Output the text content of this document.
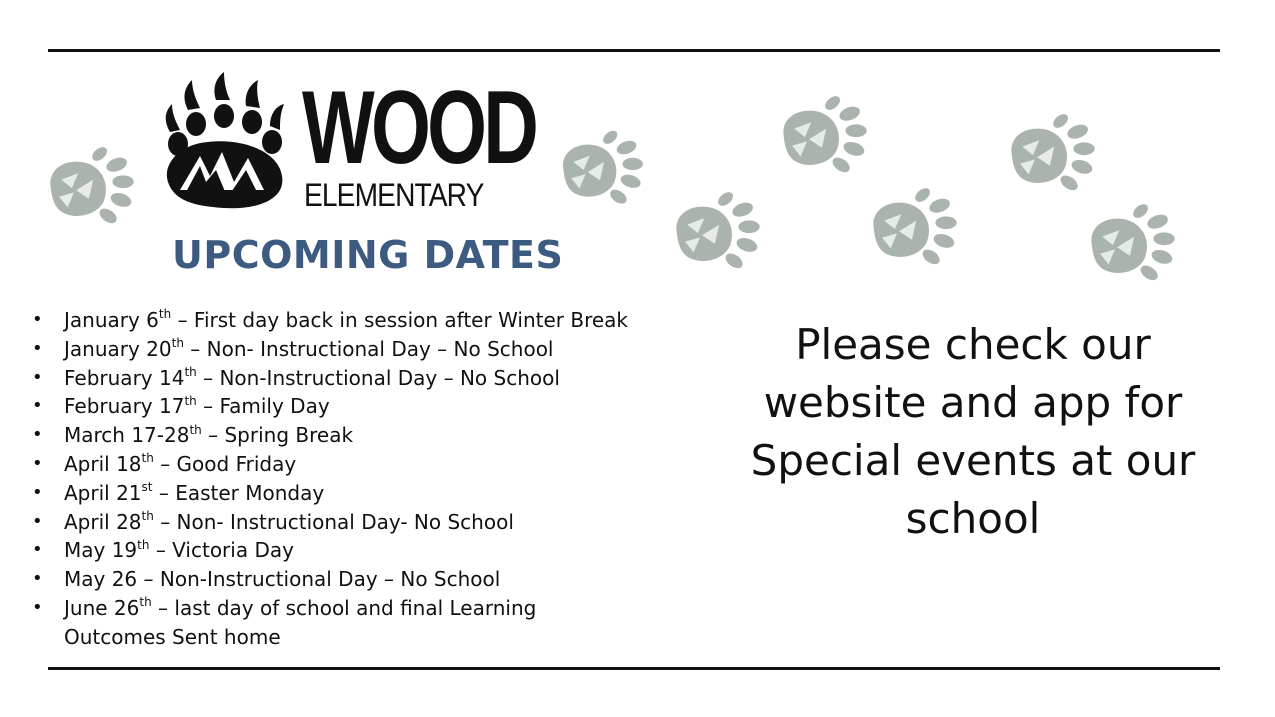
WOOD
ELEMENTARY
UPCOMING DATES
• January 6th – First day back in session after Winter Break
• January 20th – Non- Instructional Day – No School
• February 14th – Non-Instructional Day – No School
• February 17th – Family Day
• March 17-28th – Spring Break
• April 18th – Good Friday
• April 21st – Easter Monday
• April 28th – Non- Instructional Day- No School
• May 19th – Victoria Day
• May 26 – Non-Instructional Day – No School
• June 26th – last day of school and final Learning Outcomes Sent home
Please check our website and app for Special events at our school
